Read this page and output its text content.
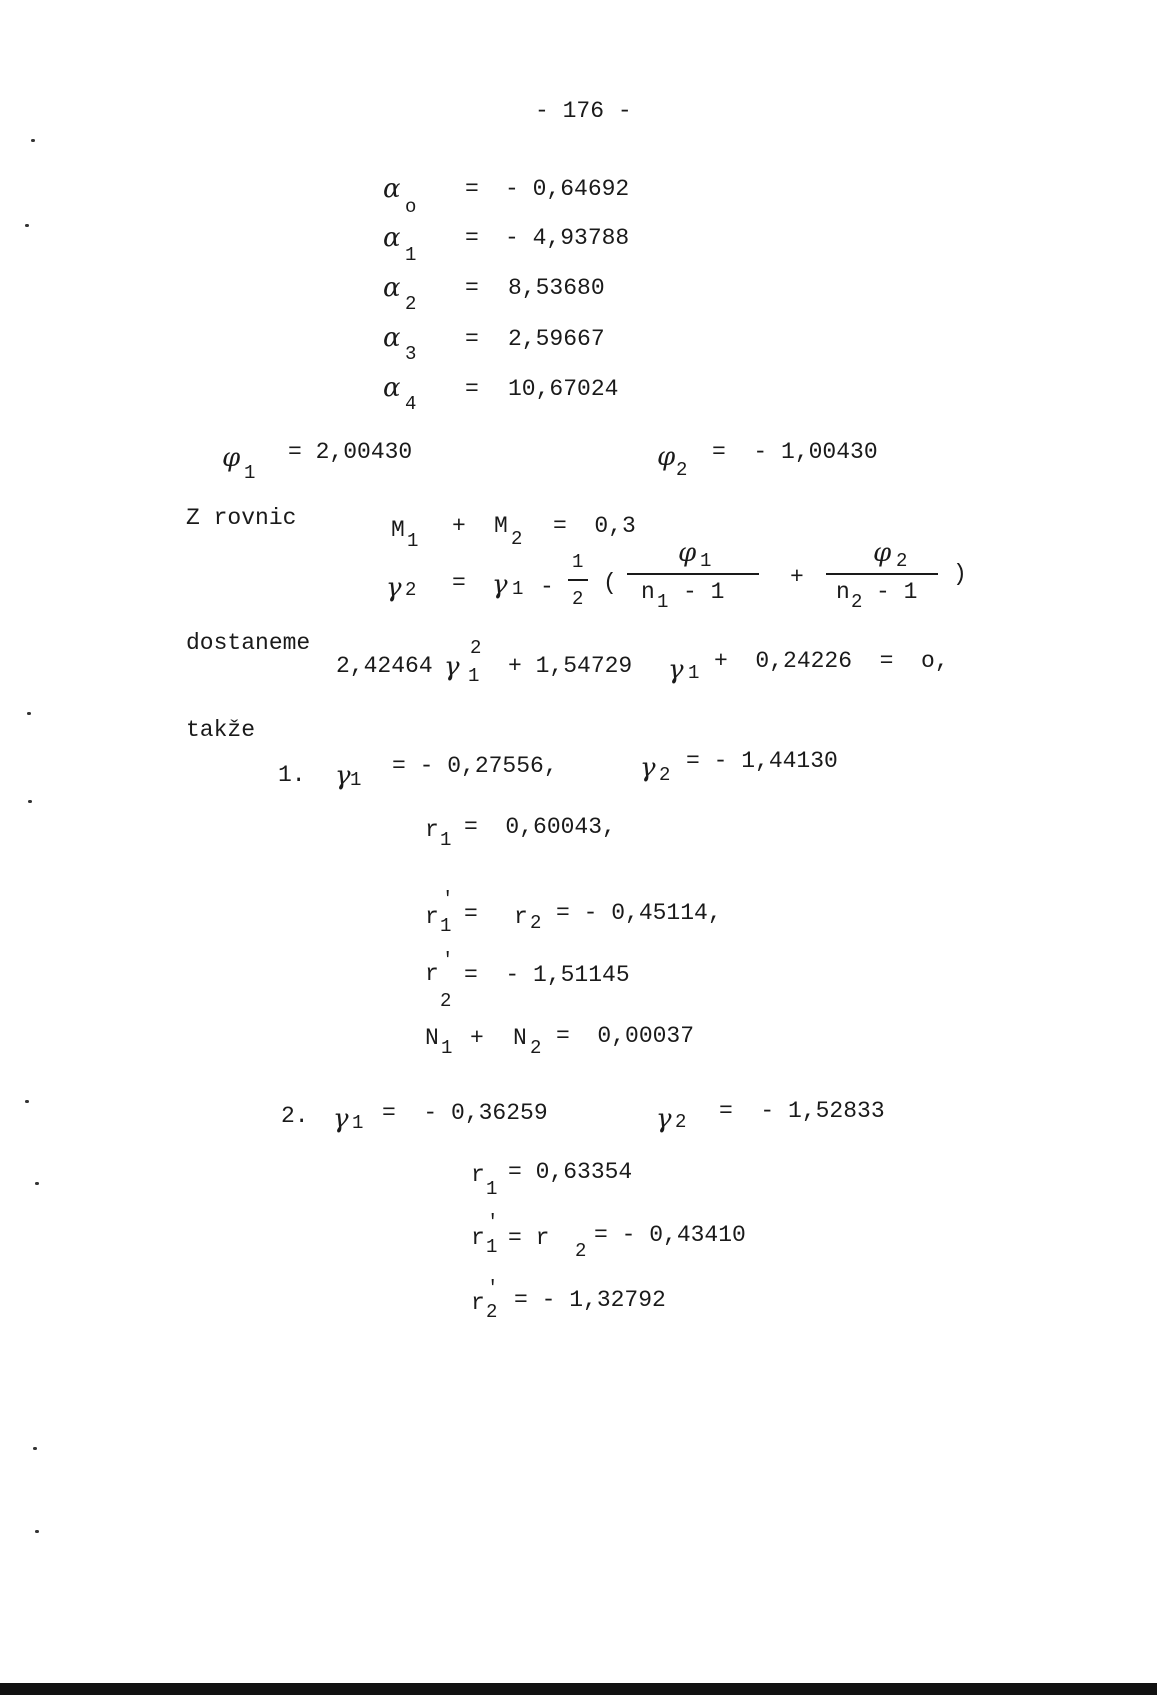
- 176 -
α
o
= - 0,64692
α
1
= - 4,93788
α
2
= 8,53680
α
3
= 2,59667
α
4
= 10,67024
φ 1
= 2,00430	φ 2
=  - 1,00430
Z rovnic	M 1
+ M 2 =  0,3
γ 2 = γ 1 -
1
2
(
φ 1
n 1 - 1
+
φ 2
n 2 - 1
)
dostaneme
2,42464 γ
2
1 + 1,54729 γ 1 +  0,24226  =  o,
takže
1. γ 1
= - 0,27556,	γ 2
= - 1,44130
r 1 =  0,60043,
r
′
1 = r 2 = - 0,45114,
r
′
2
=  - 1,51145
N 1 + N 2 =  0,00037
2. γ 1 =  - 0,36259	γ 2 =  - 1,52833
r
1
= 0,63354
r
′
1 = r 2
= - 0,43410
r
′
2 = - 1,32792
